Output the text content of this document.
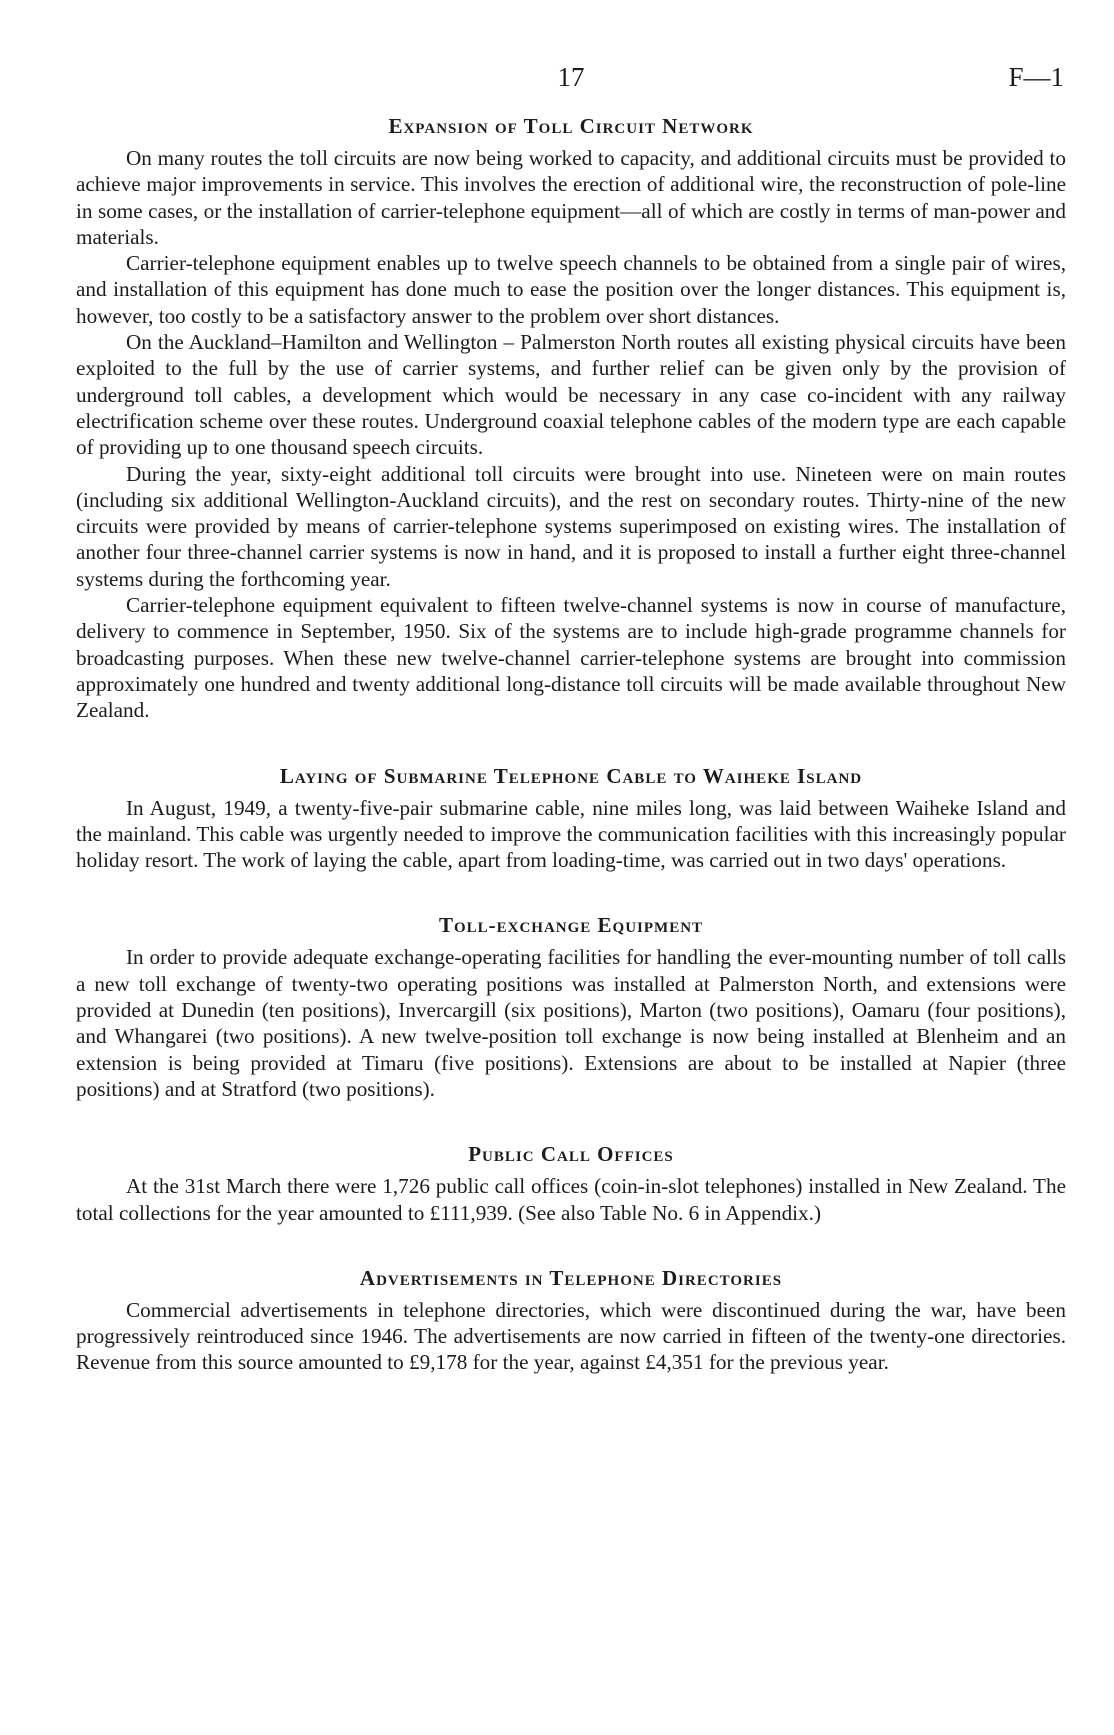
17	F—1
Expansion of Toll Circuit Network

On many routes the toll circuits are now being worked to capacity, and additional circuits must be provided to achieve major improvements in service. This involves the erection of additional wire, the reconstruction of pole-line in some cases, or the installation of carrier-telephone equipment—all of which are costly in terms of man-power and materials.

Carrier-telephone equipment enables up to twelve speech channels to be obtained from a single pair of wires, and installation of this equipment has done much to ease the position over the longer distances. This equipment is, however, too costly to be a satisfactory answer to the problem over short distances.

On the Auckland–Hamilton and Wellington – Palmerston North routes all existing physical circuits have been exploited to the full by the use of carrier systems, and further relief can be given only by the provision of underground toll cables, a development which would be necessary in any case co-incident with any railway electrification scheme over these routes. Underground coaxial telephone cables of the modern type are each capable of providing up to one thousand speech circuits.

During the year, sixty-eight additional toll circuits were brought into use. Nineteen were on main routes (including six additional Wellington-Auckland circuits), and the rest on secondary routes. Thirty-nine of the new circuits were provided by means of carrier-telephone systems superimposed on existing wires. The installation of another four three-channel carrier systems is now in hand, and it is proposed to install a further eight three-channel systems during the forthcoming year.

Carrier-telephone equipment equivalent to fifteen twelve-channel systems is now in course of manufacture, delivery to commence in September, 1950. Six of the systems are to include high-grade programme channels for broadcasting purposes. When these new twelve-channel carrier-telephone systems are brought into commission approximately one hundred and twenty additional long-distance toll circuits will be made available throughout New Zealand.

Laying of Submarine Telephone Cable to Waiheke Island

In August, 1949, a twenty-five-pair submarine cable, nine miles long, was laid between Waiheke Island and the mainland. This cable was urgently needed to improve the communication facilities with this increasingly popular holiday resort. The work of laying the cable, apart from loading-time, was carried out in two days' operations.

Toll-exchange Equipment

In order to provide adequate exchange-operating facilities for handling the ever-mounting number of toll calls a new toll exchange of twenty-two operating positions was installed at Palmerston North, and extensions were provided at Dunedin (ten positions), Invercargill (six positions), Marton (two positions), Oamaru (four positions), and Whangarei (two positions). A new twelve-position toll exchange is now being installed at Blenheim and an extension is being provided at Timaru (five positions). Extensions are about to be installed at Napier (three positions) and at Stratford (two positions).

Public Call Offices

At the 31st March there were 1,726 public call offices (coin-in-slot telephones) installed in New Zealand. The total collections for the year amounted to £111,939. (See also Table No. 6 in Appendix.)

Advertisements in Telephone Directories

Commercial advertisements in telephone directories, which were discontinued during the war, have been progressively reintroduced since 1946. The advertisements are now carried in fifteen of the twenty-one directories. Revenue from this source amounted to £9,178 for the year, against £4,351 for the previous year.
